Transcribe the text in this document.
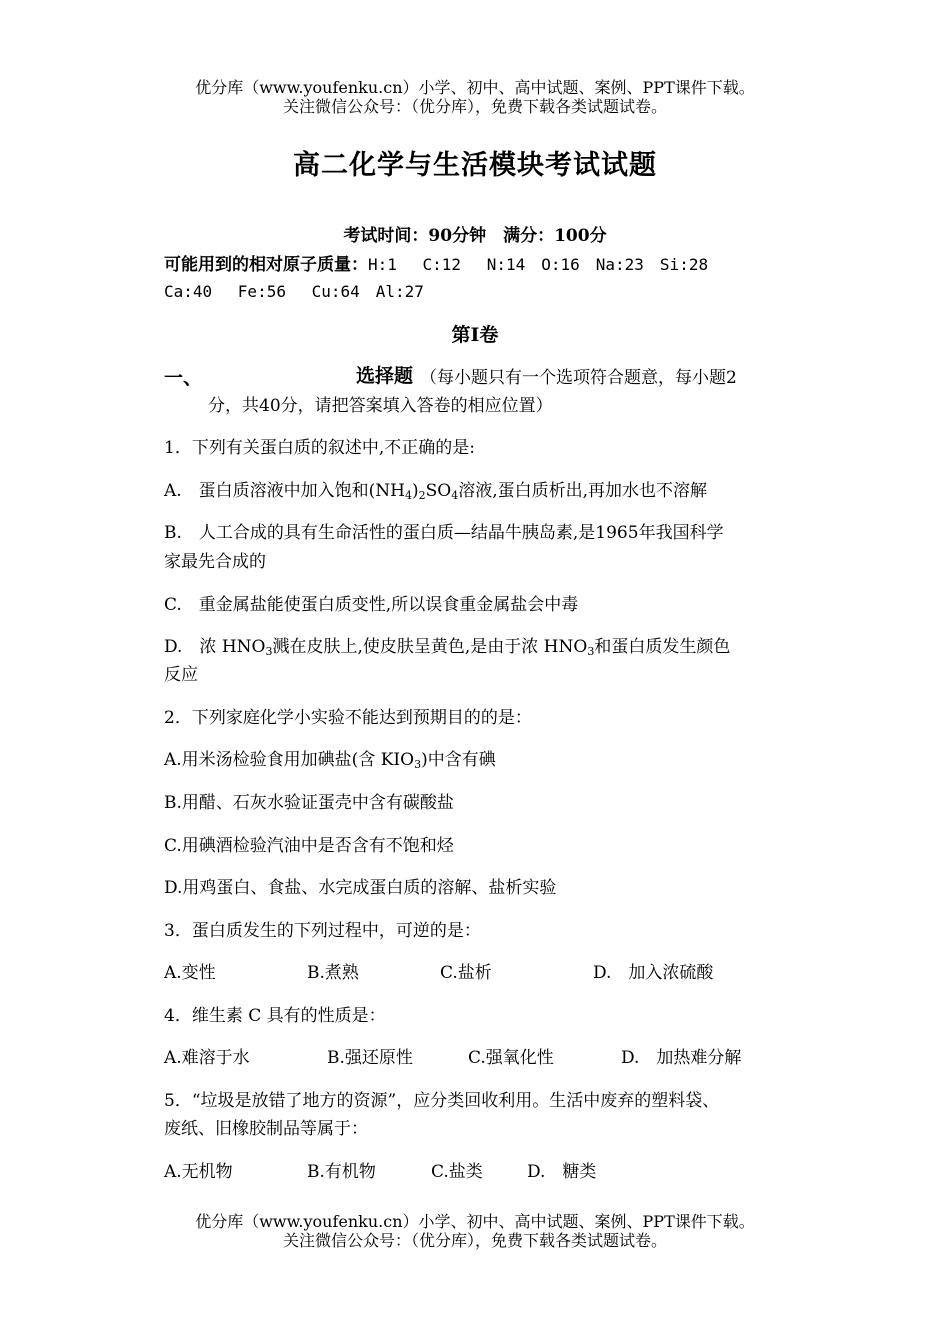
优分库（www.youfenku.cn）小学、初中、高中试题、案例、PPT课件下载。
关注微信公众号：（优分库），免费下载各类试题试卷。
高二化学与生活模块考试试题
考试时间：90分钟　满分：100分
可能用到的相对原子质量：H:1　 C:12　 N:14　O:16　Na:23　Si:28
Ca:40　 Fe:56　 Cu:64　Al:27
第Ⅰ卷
一、	选择题 （每小题只有一个选项符合题意，每小题2
分，共40分，请把答案填入答卷的相应位置）
1．下列有关蛋白质的叙述中,不正确的是:
A.　蛋白质溶液中加入饱和$(NH_4)_2SO_4$溶液,蛋白质析出,再加水也不溶解
B.　人工合成的具有生命活性的蛋白质—结晶牛胰岛素,是1965年我国科学
家最先合成的
C.　重金属盐能使蛋白质变性,所以误食重金属盐会中毒
D.　浓 $HNO_3$溅在皮肤上,使皮肤呈黄色,是由于浓 $HNO_3$和蛋白质发生颜色
反应
2．下列家庭化学小实验不能达到预期目的的是：
A.用米汤检验食用加碘盐(含 $KIO_3$)中含有碘
B.用醋、石灰水验证蛋壳中含有碳酸盐
C.用碘酒检验汽油中是否含有不饱和烃
D.用鸡蛋白、食盐、水完成蛋白质的溶解、盐析实验
3．蛋白质发生的下列过程中，可逆的是：
A.变性	B.煮熟	C.盐析	D.　加入浓硫酸
4．维生素 C 具有的性质是：
A.难溶于水	B.强还原性	C.强氧化性	D.　加热难分解
5．“垃圾是放错了地方的资源”，应分类回收利用。生活中废弃的塑料袋、
废纸、旧橡胶制品等属于：
A.无机物	B.有机物	C.盐类	D.　糖类
优分库（www.youfenku.cn）小学、初中、高中试题、案例、PPT课件下载。
关注微信公众号：（优分库），免费下载各类试题试卷。
